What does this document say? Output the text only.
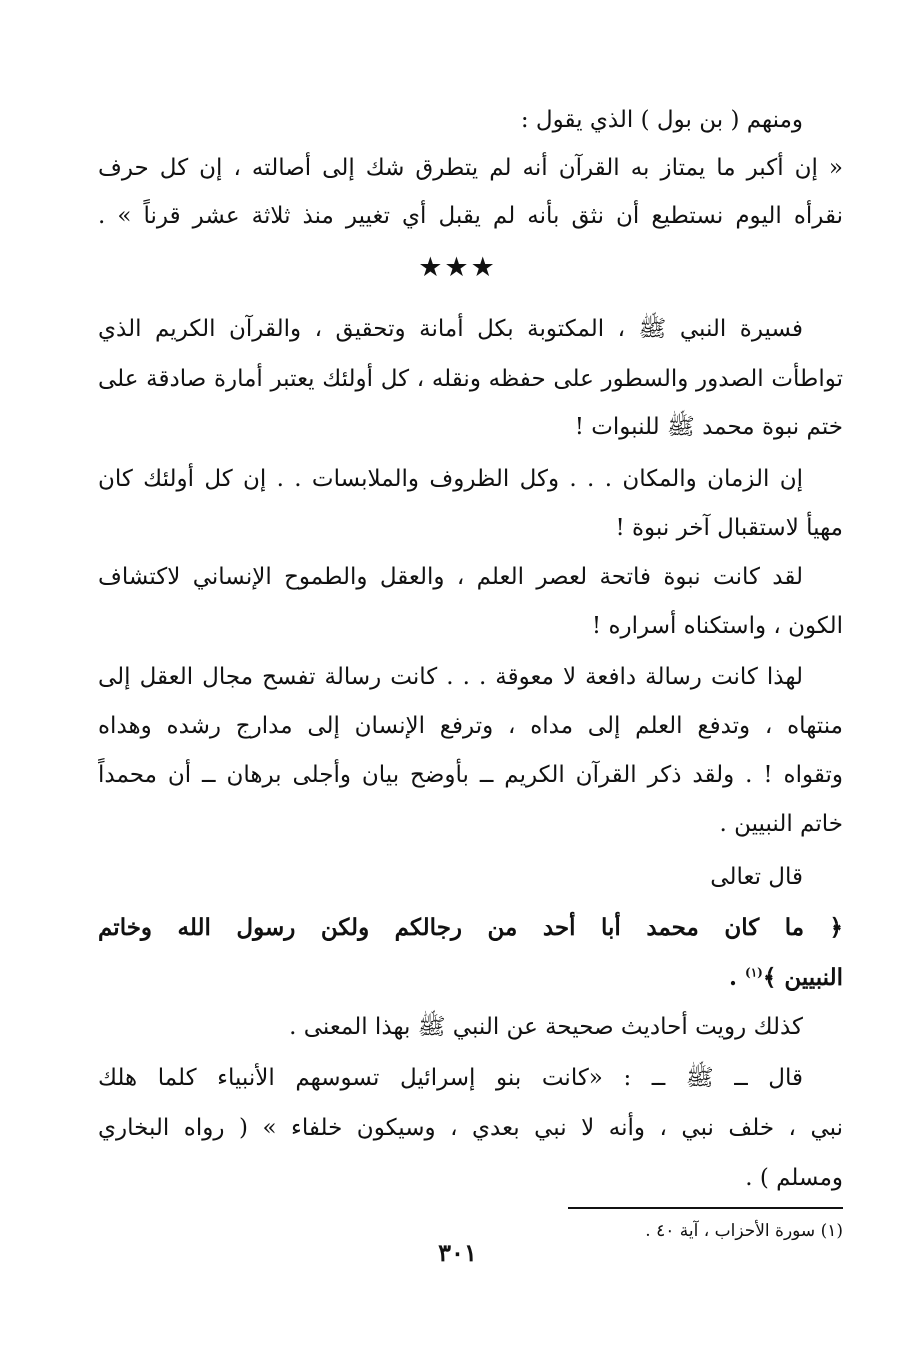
ومنهم ( بن بول ) الذي يقول :
« إن أكبر ما يمتاز به القرآن أنه لم يتطرق شك إلى أصالته ، إن كل حرف
نقرأه اليوم نستطيع أن نثق بأنه لم يقبل أي تغيير منذ ثلاثة عشر قرناً » .
★★★
فسيرة النبي ﷺ ، المكتوبة بكل أمانة وتحقيق ، والقرآن الكريم الذي
تواطأت الصدور والسطور على حفظه ونقله ، كل أولئك يعتبر أمارة صادقة على
ختم نبوة محمد ﷺ للنبوات !
إن الزمان والمكان . . . وكل الظروف والملابسات . . إن كل أولئك كان
مهيأ لاستقبال آخر نبوة !
لقد كانت نبوة فاتحة لعصر العلم ، والعقل والطموح الإنساني لاكتشاف
الكون ، واستكناه أسراره !
لهذا كانت رسالة دافعة لا معوقة . . . كانت رسالة تفسح مجال العقل إلى
منتهاه ، وتدفع العلم إلى مداه ، وترفع الإنسان إلى مدارج رشده وهداه
وتقواه ! . ولقد ذكر القرآن الكريم ــ بأوضح بيان وأجلى برهان ــ أن محمداً
خاتم النبيين .
قال تعالى
﴿ ما كان محمد أبا أحد من رجالكم ولكن رسول الله وخاتم
النبيين ﴾$^{(١)}$ .
كذلك رويت أحاديث صحيحة عن النبي ﷺ بهذا المعنى .
قال ــ ﷺ ــ : «كانت بنو إسرائيل تسوسهم الأنبياء كلما هلك
نبي ، خلف نبي ، وأنه لا نبي بعدي ، وسيكون خلفاء » ( رواه البخاري
ومسلم ) .
(١) سورة الأحزاب ، آية ٤٠ .
٣٠١
